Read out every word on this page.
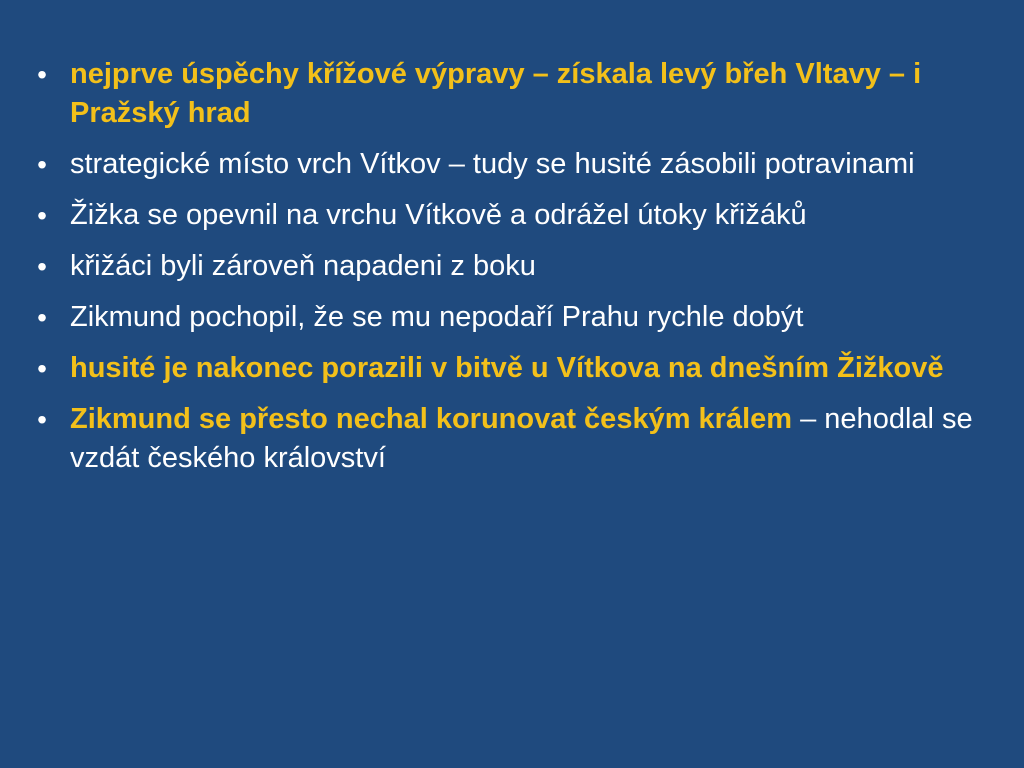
• nejprve úspěchy křížové výpravy – získala levý břeh Vltavy – i Pražský hrad
• strategické místo vrch Vítkov – tudy se husité zásobili potravinami
• Žižka se opevnil na vrchu Vítkově a odrážel útoky křižáků
• křižáci byli zároveň napadeni z boku
• Zikmund pochopil, že se mu nepodaří Prahu rychle dobýt
• husité je nakonec porazili v bitvě u Vítkova na dnešním Žižkově
• Zikmund se přesto nechal korunovat českým králem – nehodlal se vzdát českého království
